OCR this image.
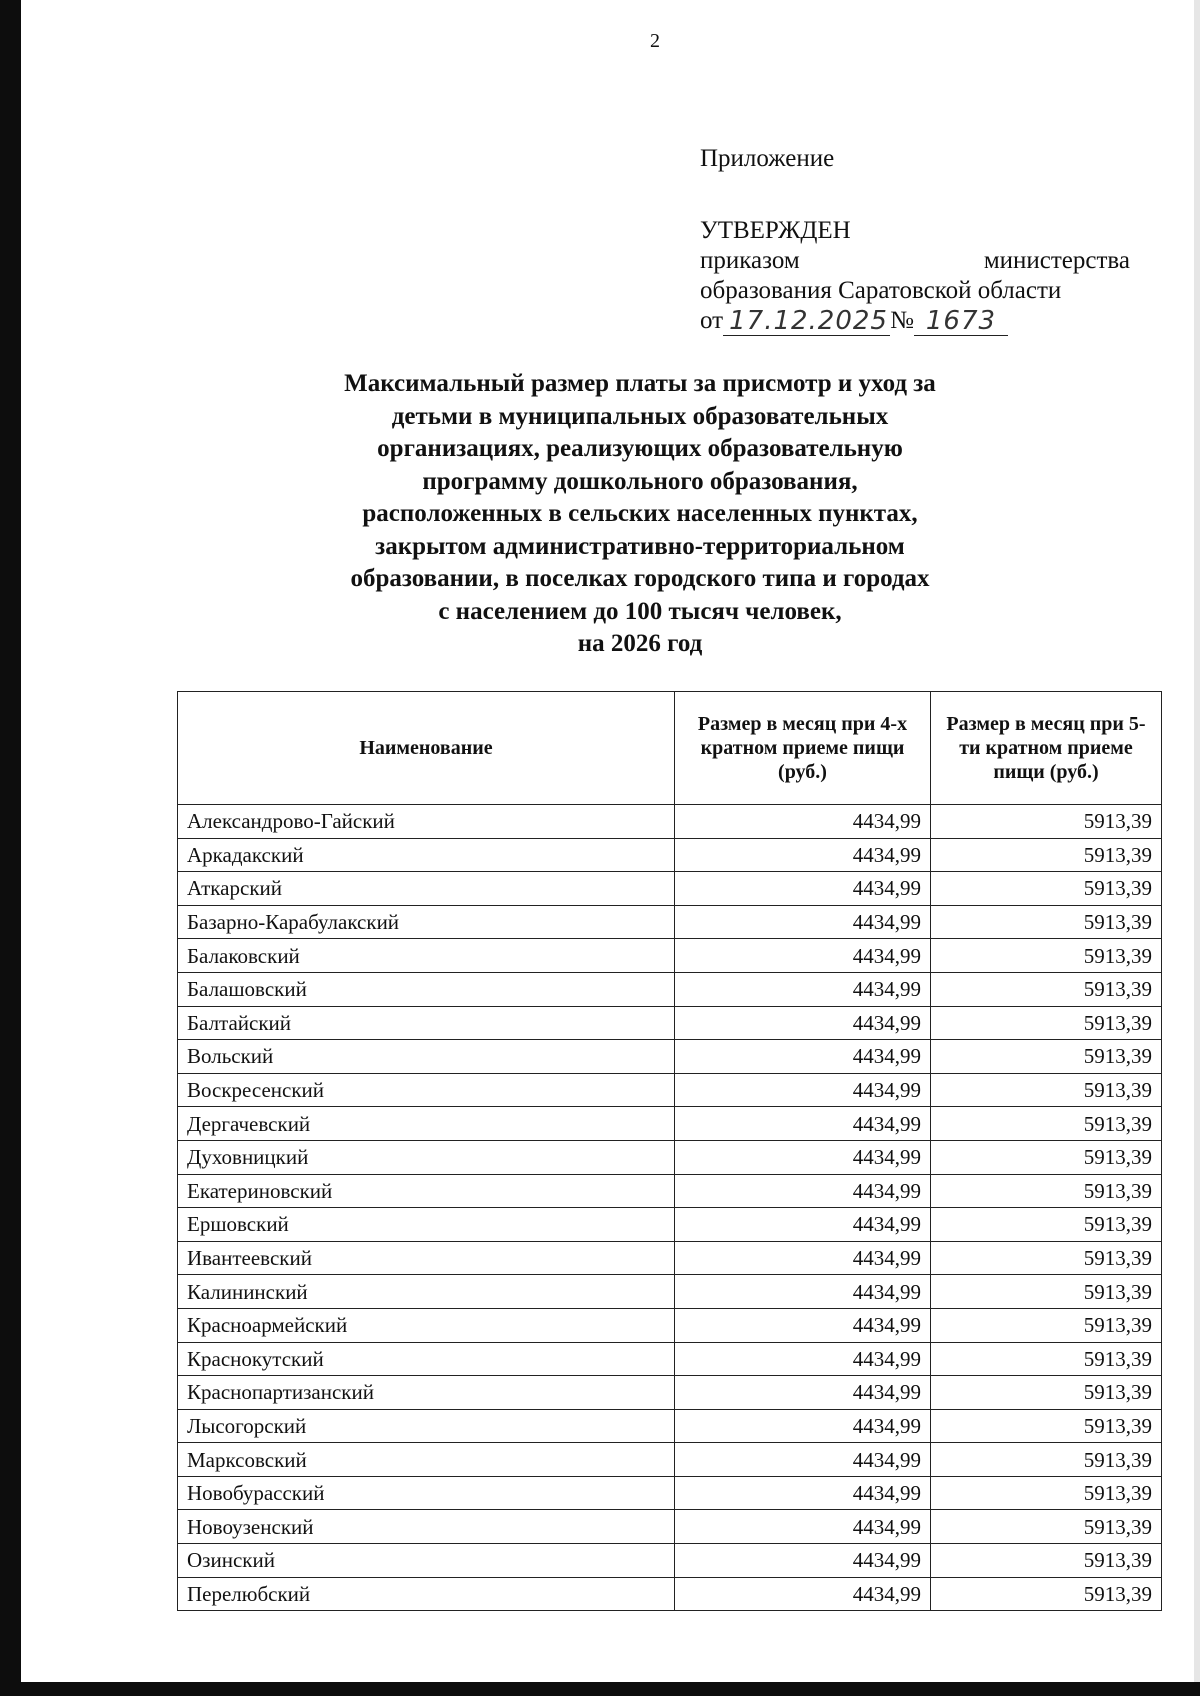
2
Приложение
УТВЕРЖДЕН
приказом	министерства
образования Саратовской области
от 17.12.2025 № 1673
Максимальный размер платы за присмотр и уход за
детьми в муниципальных образовательных
организациях, реализующих образовательную
программу дошкольного образования,
расположенных в сельских населенных пунктах,
закрытом административно-территориальном
образовании, в поселках городского типа и городах
с населением до 100 тысяч человек,
на 2026 год
Наименование	Размер в месяц при 4-х кратном приеме пищи (руб.)	Размер в месяц при 5-ти кратном приеме пищи (руб.)
Александрово-Гайский	4434,99	5913,39
Аркадакский	4434,99	5913,39
Аткарский	4434,99	5913,39
Базарно-Карабулакский	4434,99	5913,39
Балаковский	4434,99	5913,39
Балашовский	4434,99	5913,39
Балтайский	4434,99	5913,39
Вольский	4434,99	5913,39
Воскресенский	4434,99	5913,39
Дергачевский	4434,99	5913,39
Духовницкий	4434,99	5913,39
Екатериновский	4434,99	5913,39
Ершовский	4434,99	5913,39
Ивантеевский	4434,99	5913,39
Калининский	4434,99	5913,39
Красноармейский	4434,99	5913,39
Краснокутский	4434,99	5913,39
Краснопартизанский	4434,99	5913,39
Лысогорский	4434,99	5913,39
Марксовский	4434,99	5913,39
Новобурасский	4434,99	5913,39
Новоузенский	4434,99	5913,39
Озинский	4434,99	5913,39
Перелюбский	4434,99	5913,39
